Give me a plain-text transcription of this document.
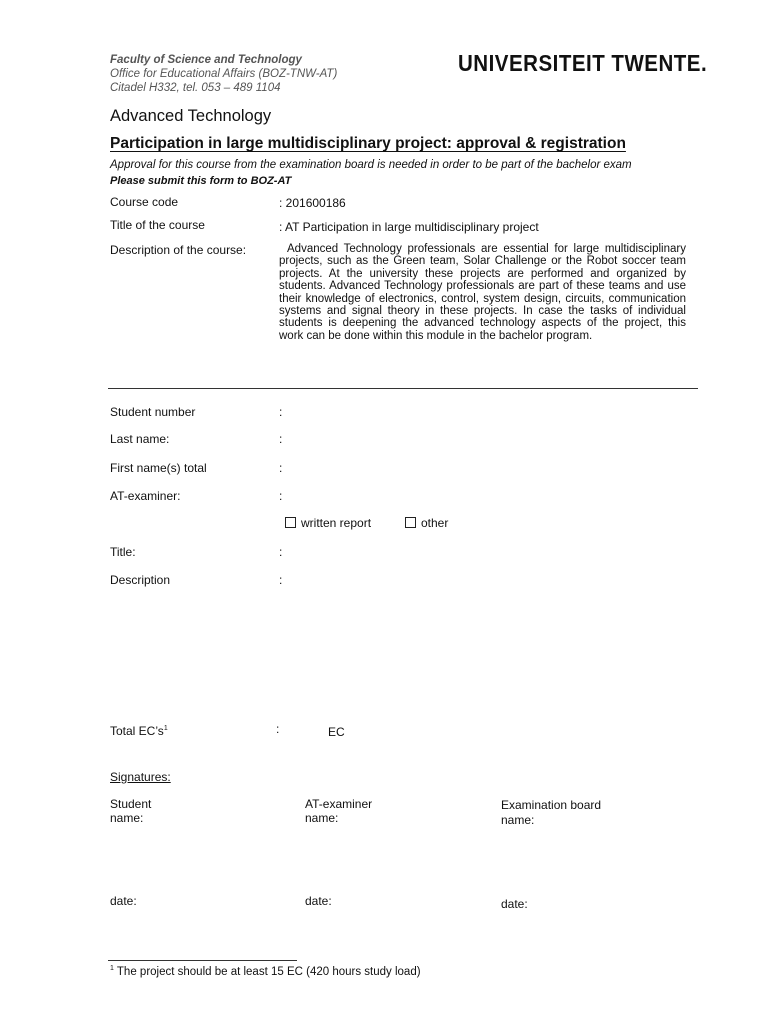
Faculty of Science and Technology
Office for Educational Affairs (BOZ-TNW-AT)
Citadel H332, tel. 053 – 489 1104
UNIVERSITEIT TWENTE.
Advanced Technology
Participation in large multidisciplinary project: approval & registration
Approval for this course from the examination board is needed in order to be part of the bachelor exam
Please submit this form to BOZ-AT
Course code	: 201600186
Title of the course	: AT Participation in large multidisciplinary project
Description of the course:	Advanced Technology professionals are essential for large multidisciplinary projects, such as the Green team, Solar Challenge or the Robot soccer team projects. At the university these projects are performed and organized by students. Advanced Technology professionals are part of these teams and use their knowledge of electronics, control, system design, circuits, communication systems and signal theory in these projects. In case the tasks of individual students is deepening the advanced technology aspects of the project, this work can be done within this module in the bachelor program.
Student number	:
Last name:	:
First name(s) total	:
AT-examiner:	:
written report	other
Title:	:
Description	:
Total $EC’s^1$	:	EC
Signatures:
Student
name:
AT-examiner
name:
Examination board
name:
date:	date:	date:
$^1$ The project should be at least 15 EC (420 hours study load)
